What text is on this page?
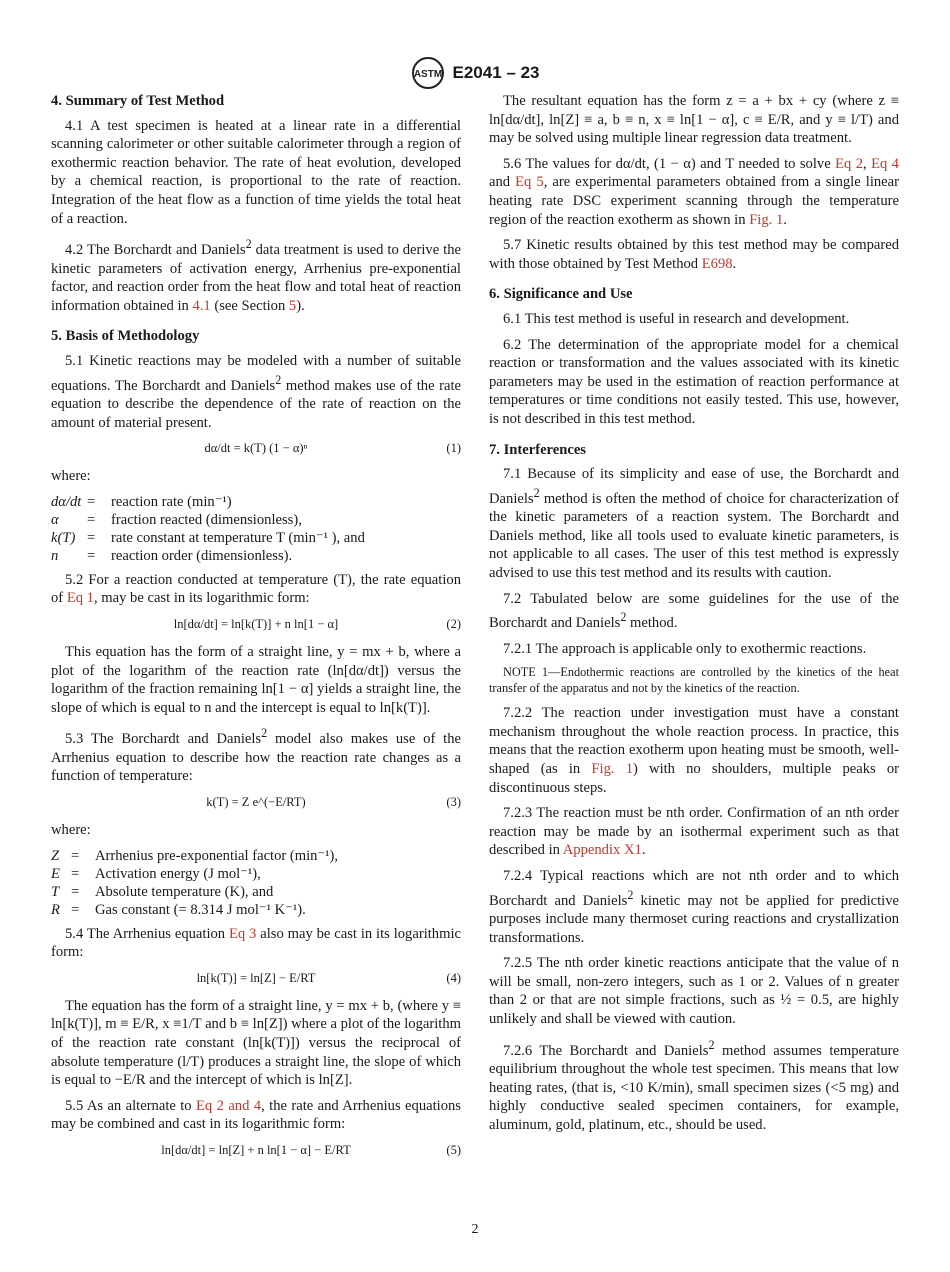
ASTM E2041 – 23
4. Summary of Test Method

4.1 A test specimen is heated at a linear rate in a differential scanning calorimeter or other suitable calorimeter through a region of exothermic reaction behavior. The rate of heat evolution, developed by a chemical reaction, is proportional to the rate of reaction. Integration of the heat flow as a function of time yields the total heat of a reaction.

4.2 The Borchardt and Daniels$^2$ data treatment is used to derive the kinetic parameters of activation energy, Arrhenius pre-exponential factor, and reaction order from the heat flow and total heat of reaction information obtained in 4.1 (see Section 5).

5. Basis of Methodology

5.1 Kinetic reactions may be modeled with a number of suitable equations. The Borchardt and Daniels$^2$ method makes use of the rate equation to describe the dependence of the rate of reaction on the amount of material present.

dα/dt = k(T) (1 − α)ⁿ	(1)

where:

dα/dt	=	reaction rate (min⁻¹)
α	=	fraction reacted (dimensionless),
k(T)	=	rate constant at temperature T (min⁻¹ ), and
n	=	reaction order (dimensionless).

5.2 For a reaction conducted at temperature (T), the rate equation of Eq 1, may be cast in its logarithmic form:

ln[dα/dt] = ln[k(T)] + n ln[1 − α]	(2)

This equation has the form of a straight line, y = mx + b, where a plot of the logarithm of the reaction rate (ln[dα/dt]) versus the logarithm of the fraction remaining ln[1 − α] yields a straight line, the slope of which is equal to n and the intercept is equal to ln[k(T)].

5.3 The Borchardt and Daniels$^2$ model also makes use of the Arrhenius equation to describe how the reaction rate changes as a function of temperature:

k(T) = Z e^(−E/RT)	(3)

where:

Z	=	Arrhenius pre-exponential factor (min⁻¹),
E	=	Activation energy (J mol⁻¹),
T	=	Absolute temperature (K), and
R	=	Gas constant (= 8.314 J mol⁻¹ K⁻¹).

5.4 The Arrhenius equation Eq 3 also may be cast in its logarithmic form:

ln[k(T)] = ln[Z] − E/RT	(4)

The equation has the form of a straight line, y = mx + b, (where y ≡ ln[k(T)], m ≡ E/R, x ≡1/T and b ≡ ln[Z]) where a plot of the logarithm of the reaction rate constant (ln[k(T)]) versus the reciprocal of absolute temperature (l/T) produces a straight line, the slope of which is equal to −E/R and the intercept of which is ln[Z].

5.5 As an alternate to Eq 2 and 4, the rate and Arrhenius equations may be combined and cast in its logarithmic form:

ln[dα/dt] = ln[Z] + n ln[1 − α] − E/RT	(5)

The resultant equation has the form z = a + bx + cy (where z ≡ ln[dα/dt], ln[Z] ≡ a, b ≡ n, x ≡ ln[1 − α], c ≡ E/R, and y ≡ l/T) and may be solved using multiple linear regression data treatment.

5.6 The values for dα/dt, (1 − α) and T needed to solve Eq 2, Eq 4 and Eq 5, are experimental parameters obtained from a single linear heating rate DSC experiment scanning through the temperature region of the reaction exotherm as shown in Fig. 1.

5.7 Kinetic results obtained by this test method may be compared with those obtained by Test Method E698.

6. Significance and Use

6.1 This test method is useful in research and development.

6.2 The determination of the appropriate model for a chemical reaction or transformation and the values associated with its kinetic parameters may be used in the estimation of reaction performance at temperatures or time conditions not easily tested. This use, however, is not described in this test method.

7. Interferences

7.1 Because of its simplicity and ease of use, the Borchardt and Daniels$^2$ method is often the method of choice for characterization of the kinetic parameters of a reaction system. The Borchardt and Daniels method, like all tools used to evaluate kinetic parameters, is not applicable to all cases. The user of this test method is expressly advised to use this test method and its results with caution.

7.2 Tabulated below are some guidelines for the use of the Borchardt and Daniels$^2$ method.

7.2.1 The approach is applicable only to exothermic reactions.

NOTE 1—Endothermic reactions are controlled by the kinetics of the heat transfer of the apparatus and not by the kinetics of the reaction.

7.2.2 The reaction under investigation must have a constant mechanism throughout the whole reaction process. In practice, this means that the reaction exotherm upon heating must be smooth, well-shaped (as in Fig. 1) with no shoulders, multiple peaks or discontinuous steps.

7.2.3 The reaction must be nth order. Confirmation of an nth order reaction may be made by an isothermal experiment such as that described in Appendix X1.

7.2.4 Typical reactions which are not nth order and to which Borchardt and Daniels$^2$ kinetic may not be applied for predictive purposes include many thermoset curing reactions and crystallization transformations.

7.2.5 The nth order kinetic reactions anticipate that the value of n will be small, non-zero integers, such as 1 or 2. Values of n greater than 2 or that are not simple fractions, such as ½ = 0.5, are highly unlikely and shall be viewed with caution.

7.2.6 The Borchardt and Daniels$^2$ method assumes temperature equilibrium throughout the whole test specimen. This means that low heating rates, (that is, <10 K/min), small specimen sizes (<5 mg) and highly conductive sealed specimen containers, for example, aluminum, gold, platinum, etc., should be used.

2
